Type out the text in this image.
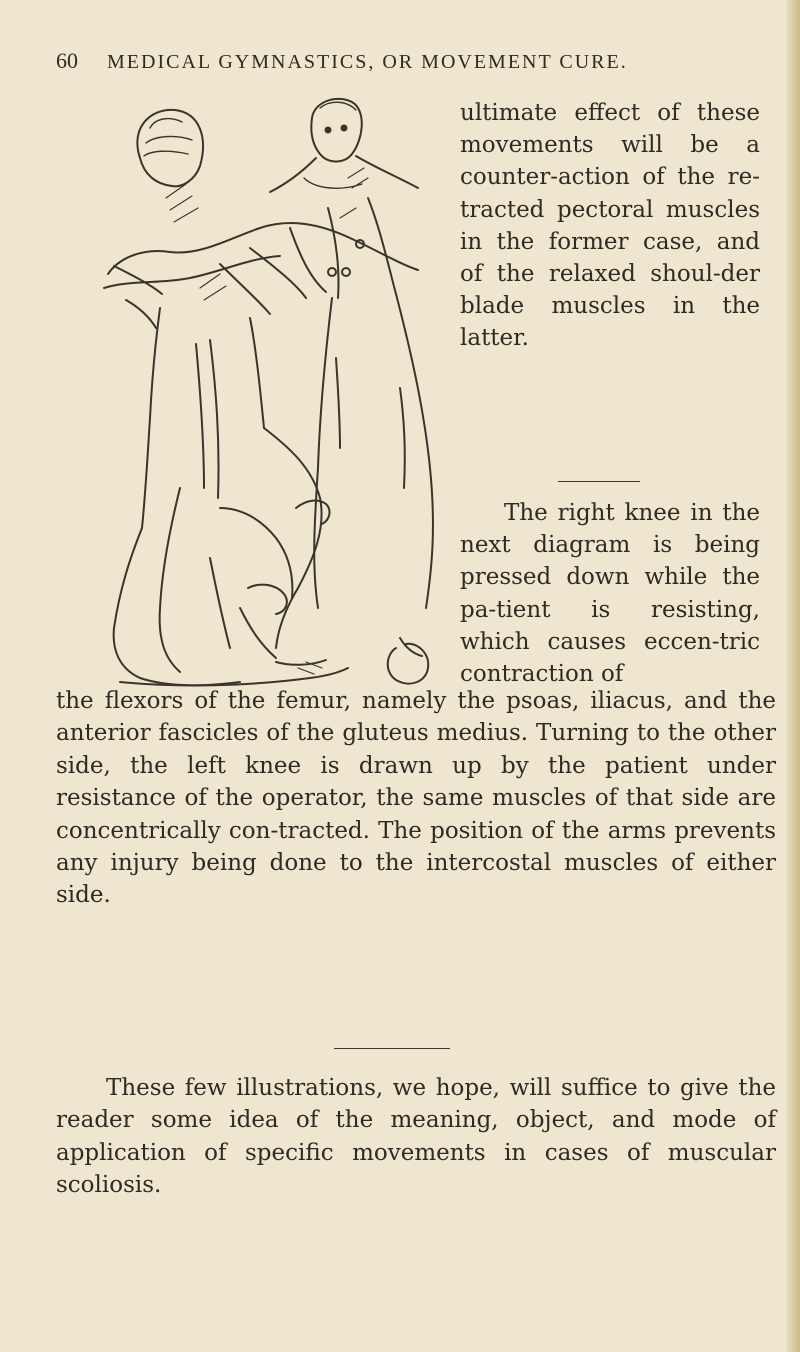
60 MEDICAL GYMNASTICS, OR MOVEMENT CURE.

ultimate effect of these movements will be a counter-action of the re-tracted pectoral muscles in the former case, and of the relaxed shoul-der blade muscles in the latter.

The right knee in the next diagram is being pressed down while the pa-tient is resisting, which causes eccen-tric contraction of

the flexors of the femur, namely the psoas, iliacus, and the anterior fascicles of the gluteus medius. Turning to the other side, the left knee is drawn up by the patient under resistance of the operator, the same muscles of that side are concentrically con-tracted. The position of the arms prevents any injury being done to the intercostal muscles of either side.

These few illustrations, we hope, will suffice to give the reader some idea of the meaning, object, and mode of application of specific movements in cases of muscular scoliosis.
